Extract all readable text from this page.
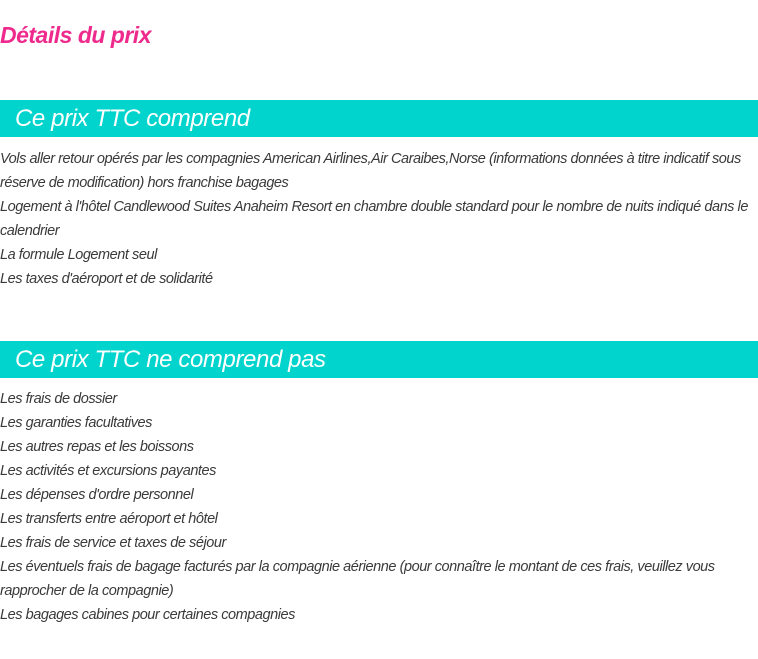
Détails du prix
Ce prix TTC comprend
Vols aller retour opérés par les compagnies American Airlines,Air Caraibes,Norse (informations données à titre indicatif sous réserve de modification) hors franchise bagages
Logement à l'hôtel Candlewood Suites Anaheim Resort en chambre double standard pour le nombre de nuits indiqué dans le calendrier
La formule Logement seul
Les taxes d'aéroport et de solidarité
Ce prix TTC ne comprend pas
Les frais de dossier
Les garanties facultatives
Les autres repas et les boissons
Les activités et excursions payantes
Les dépenses d'ordre personnel
Les transferts entre aéroport et hôtel
Les frais de service et taxes de séjour
Les éventuels frais de bagage facturés par la compagnie aérienne (pour connaître le montant de ces frais, veuillez vous rapprocher de la compagnie)
Les bagages cabines pour certaines compagnies
